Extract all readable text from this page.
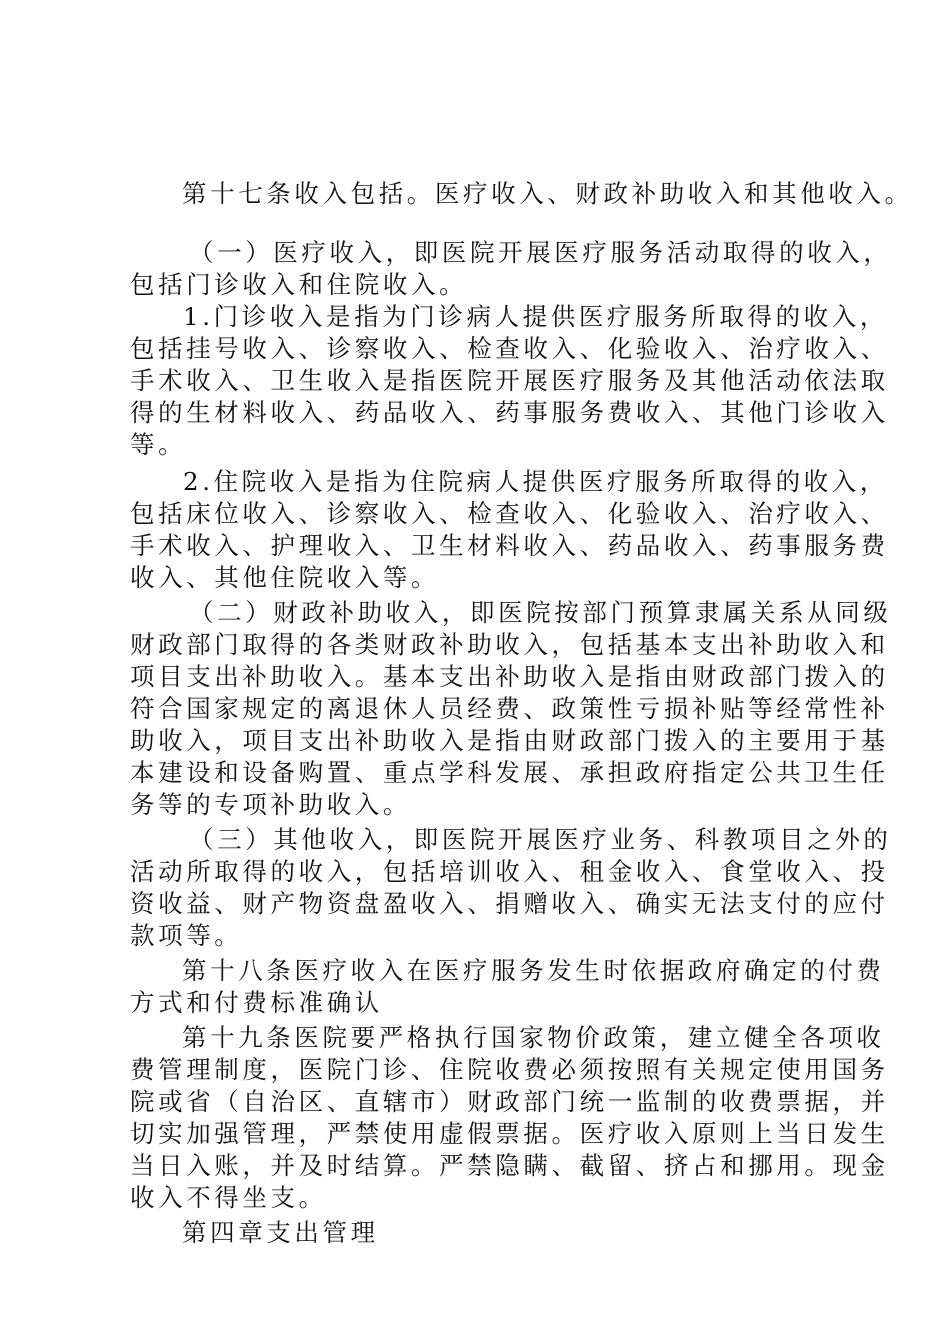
第十七条收入包括。医疗收入、财政补助收入和其他收入。
（一）医疗收入，即医院开展医疗服务活动取得的收入，
包括门诊收入和住院收入。
1.门诊收入是指为门诊病人提供医疗服务所取得的收入，
包括挂号收入、诊察收入、检查收入、化验收入、治疗收入、
手术收入、卫生收入是指医院开展医疗服务及其他活动依法取
得的生材料收入、药品收入、药事服务费收入、其他门诊收入
等。
2.住院收入是指为住院病人提供医疗服务所取得的收入，
包括床位收入、诊察收入、检查收入、化验收入、治疗收入、
手术收入、护理收入、卫生材料收入、药品收入、药事服务费
收入、其他住院收入等。
（二）财政补助收入，即医院按部门预算隶属关系从同级
财政部门取得的各类财政补助收入，包括基本支出补助收入和
项目支出补助收入。基本支出补助收入是指由财政部门拨入的
符合国家规定的离退休人员经费、政策性亏损补贴等经常性补
助收入，项目支出补助收入是指由财政部门拨入的主要用于基
本建设和设备购置、重点学科发展、承担政府指定公共卫生任
务等的专项补助收入。
（三）其他收入，即医院开展医疗业务、科教项目之外的
活动所取得的收入，包括培训收入、租金收入、食堂收入、投
资收益、财产物资盘盈收入、捐赠收入、确实无法支付的应付
款项等。
第十八条医疗收入在医疗服务发生时依据政府确定的付费
方式和付费标准确认
第十九条医院要严格执行国家物价政策，建立健全各项收
费管理制度，医院门诊、住院收费必须按照有关规定使用国务
院或省（自治区、直辖市）财政部门统一监制的收费票据，并
切实加强管理，严禁使用虚假票据。医疗收入原则上当日发生
当日入账，并及时结算。严禁隐瞒、截留、挤占和挪用。现金
收入不得坐支。
第四章支出管理
